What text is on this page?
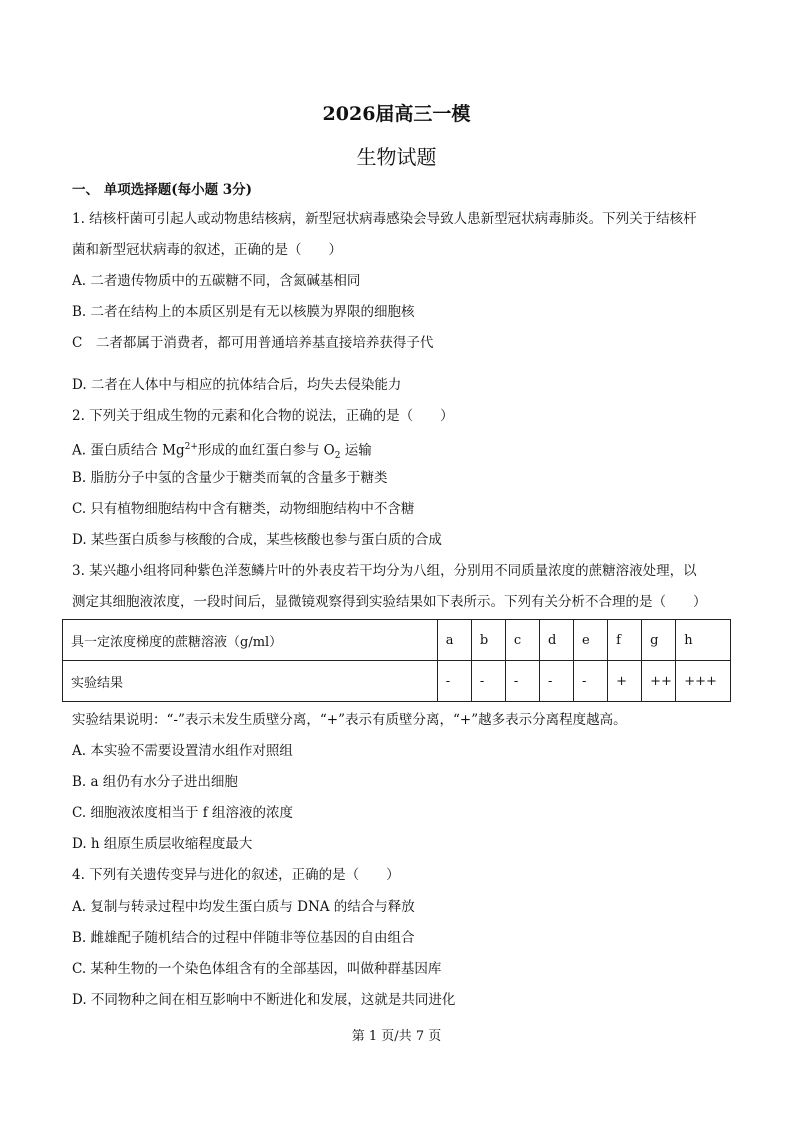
2026届高三一模
生物试题
一、 单项选择题(每小题 3分)
1. 结核杆菌可引起人或动物患结核病，新型冠状病毒感染会导致人患新型冠状病毒肺炎。下列关于结核杆
菌和新型冠状病毒的叙述，正确的是（　　）
A. 二者遗传物质中的五碳糖不同，含氮碱基相同
B. 二者在结构上的本质区别是有无以核膜为界限的细胞核
C　二者都属于消费者，都可用普通培养基直接培养获得子代
D. 二者在人体中与相应的抗体结合后，均失去侵染能力
2. 下列关于组成生物的元素和化合物的说法，正确的是（　　）
A. 蛋白质结合 $Mg^{2+}$形成的血红蛋白参与 $O_2$ 运输
B. 脂肪分子中氢的含量少于糖类而氧的含量多于糖类
C. 只有植物细胞结构中含有糖类，动物细胞结构中不含糖
D. 某些蛋白质参与核酸的合成，某些核酸也参与蛋白质的合成
3. 某兴趣小组将同种紫色洋葱鳞片叶的外表皮若干均分为八组，分别用不同质量浓度的蔗糖溶液处理，以
测定其细胞液浓度，一段时间后，显微镜观察得到实验结果如下表所示。下列有关分析不合理的是（　　）
具一定浓度梯度的蔗糖溶液（g/ml）	a	b	c	d	e	f	g	h
实验结果	-	-	-	-	-	+	++	+++
实验结果说明：“-”表示未发生质壁分离，“+”表示有质壁分离，“+”越多表示分离程度越高。
A. 本实验不需要设置清水组作对照组
B. a 组仍有水分子进出细胞
C. 细胞液浓度相当于 f 组溶液的浓度
D. h 组原生质层收缩程度最大
4. 下列有关遗传变异与进化的叙述，正确的是（　　）
A. 复制与转录过程中均发生蛋白质与 DNA 的结合与释放
B. 雌雄配子随机结合的过程中伴随非等位基因的自由组合
C. 某种生物的一个染色体组含有的全部基因，叫做种群基因库
D. 不同物种之间在相互影响中不断进化和发展，这就是共同进化
第 1 页/共 7 页
